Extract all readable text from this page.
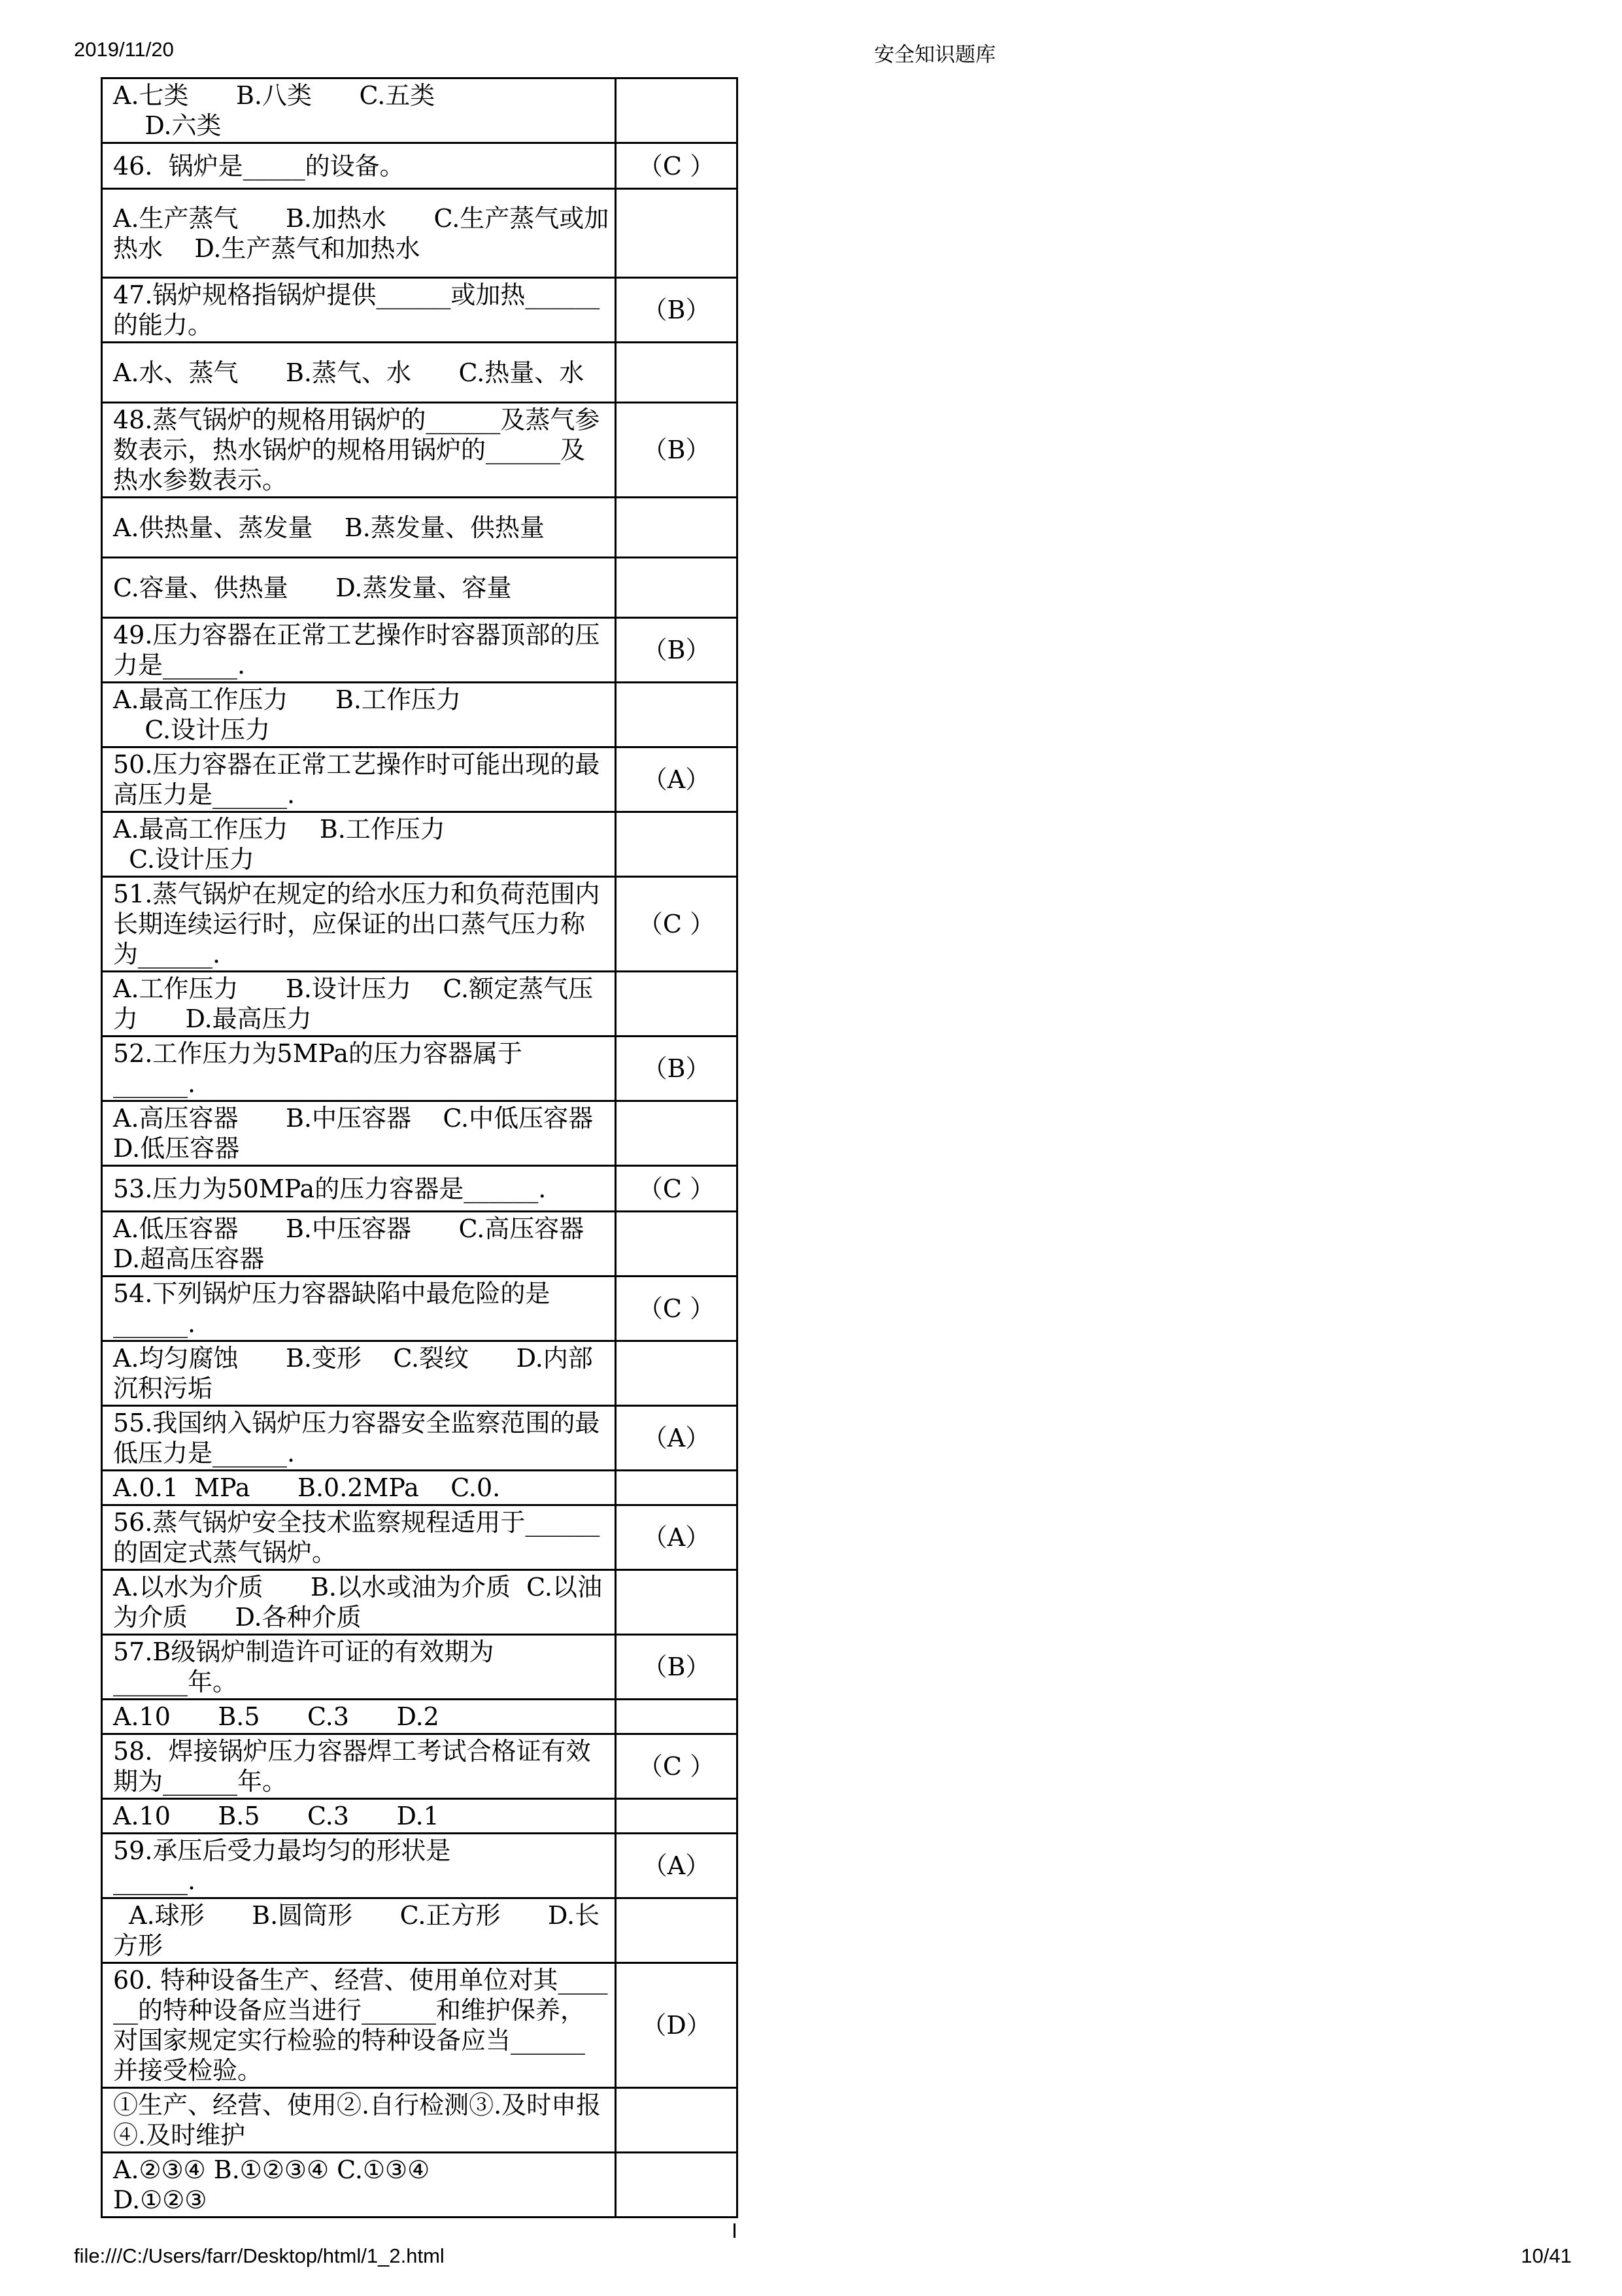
2019/11/20	安全知识题库
A.七类      B.八类      C.五类
D.六类	
46.  锅炉是_____的设备。	（C ）
A.生产蒸气      B.加热水      C.生产蒸气或加热水    D.生产蒸气和加热水	
47.锅炉规格指锅炉提供______或加热______的能力。	（B）
A.水、蒸气      B.蒸气、水      C.热量、水	
48.蒸气锅炉的规格用锅炉的______及蒸气参数表示，热水锅炉的规格用锅炉的______及热水参数表示。	（B）
A.供热量、蒸发量    B.蒸发量、供热量	
C.容量、供热量      D.蒸发量、容量	
49.压力容器在正常工艺操作时容器顶部的压力是______.	（B）
A.最高工作压力      B.工作压力
C.设计压力	
50.压力容器在正常工艺操作时可能出现的最高压力是______.	（A）
A.最高工作压力    B.工作压力
C.设计压力	
51.蒸气锅炉在规定的给水压力和负荷范围内长期连续运行时，应保证的出口蒸气压力称为______.	（C ）
A.工作压力      B.设计压力    C.额定蒸气压力      D.最高压力	
52.工作压力为5MPa的压力容器属于
______.	（B）
A.高压容器      B.中压容器    C.中低压容器      D.低压容器	
53.压力为50MPa的压力容器是______.	（C ）
A.低压容器      B.中压容器      C.高压容器      D.超高压容器	
54.下列锅炉压力容器缺陷中最危险的是
______.	（C ）
A.均匀腐蚀      B.变形    C.裂纹      D.内部沉积污垢	
55.我国纳入锅炉压力容器安全监察范围的最低压力是______.	（A）
A.0.1  MPa      B.0.2MPa    C.0.	
56.蒸气锅炉安全技术监察规程适用于______的固定式蒸气锅炉。	（A）
A.以水为介质      B.以水或油为介质  C.以油为介质      D.各种介质	
57.B级锅炉制造许可证的有效期为
______年。	（B）
A.10      B.5      C.3      D.2	
58.  焊接锅炉压力容器焊工考试合格证有效期为______年。	（C ）
A.10      B.5      C.3      D.1	
59.承压后受力最均匀的形状是
______.	（A）
A.球形      B.圆筒形      C.正方形      D.长方形	
60. 特种设备生产、经营、使用单位对其______的特种设备应当进行______和维护保养，对国家规定实行检验的特种设备应当______并接受检验。	（D）
①生产、经营、使用②.自行检测③.及时申报④.及时维护	
A.②③④ B.①②③④ C.①③④
D.①②③	
file:///C:/Users/farr/Desktop/html/1_2.html	10/41
